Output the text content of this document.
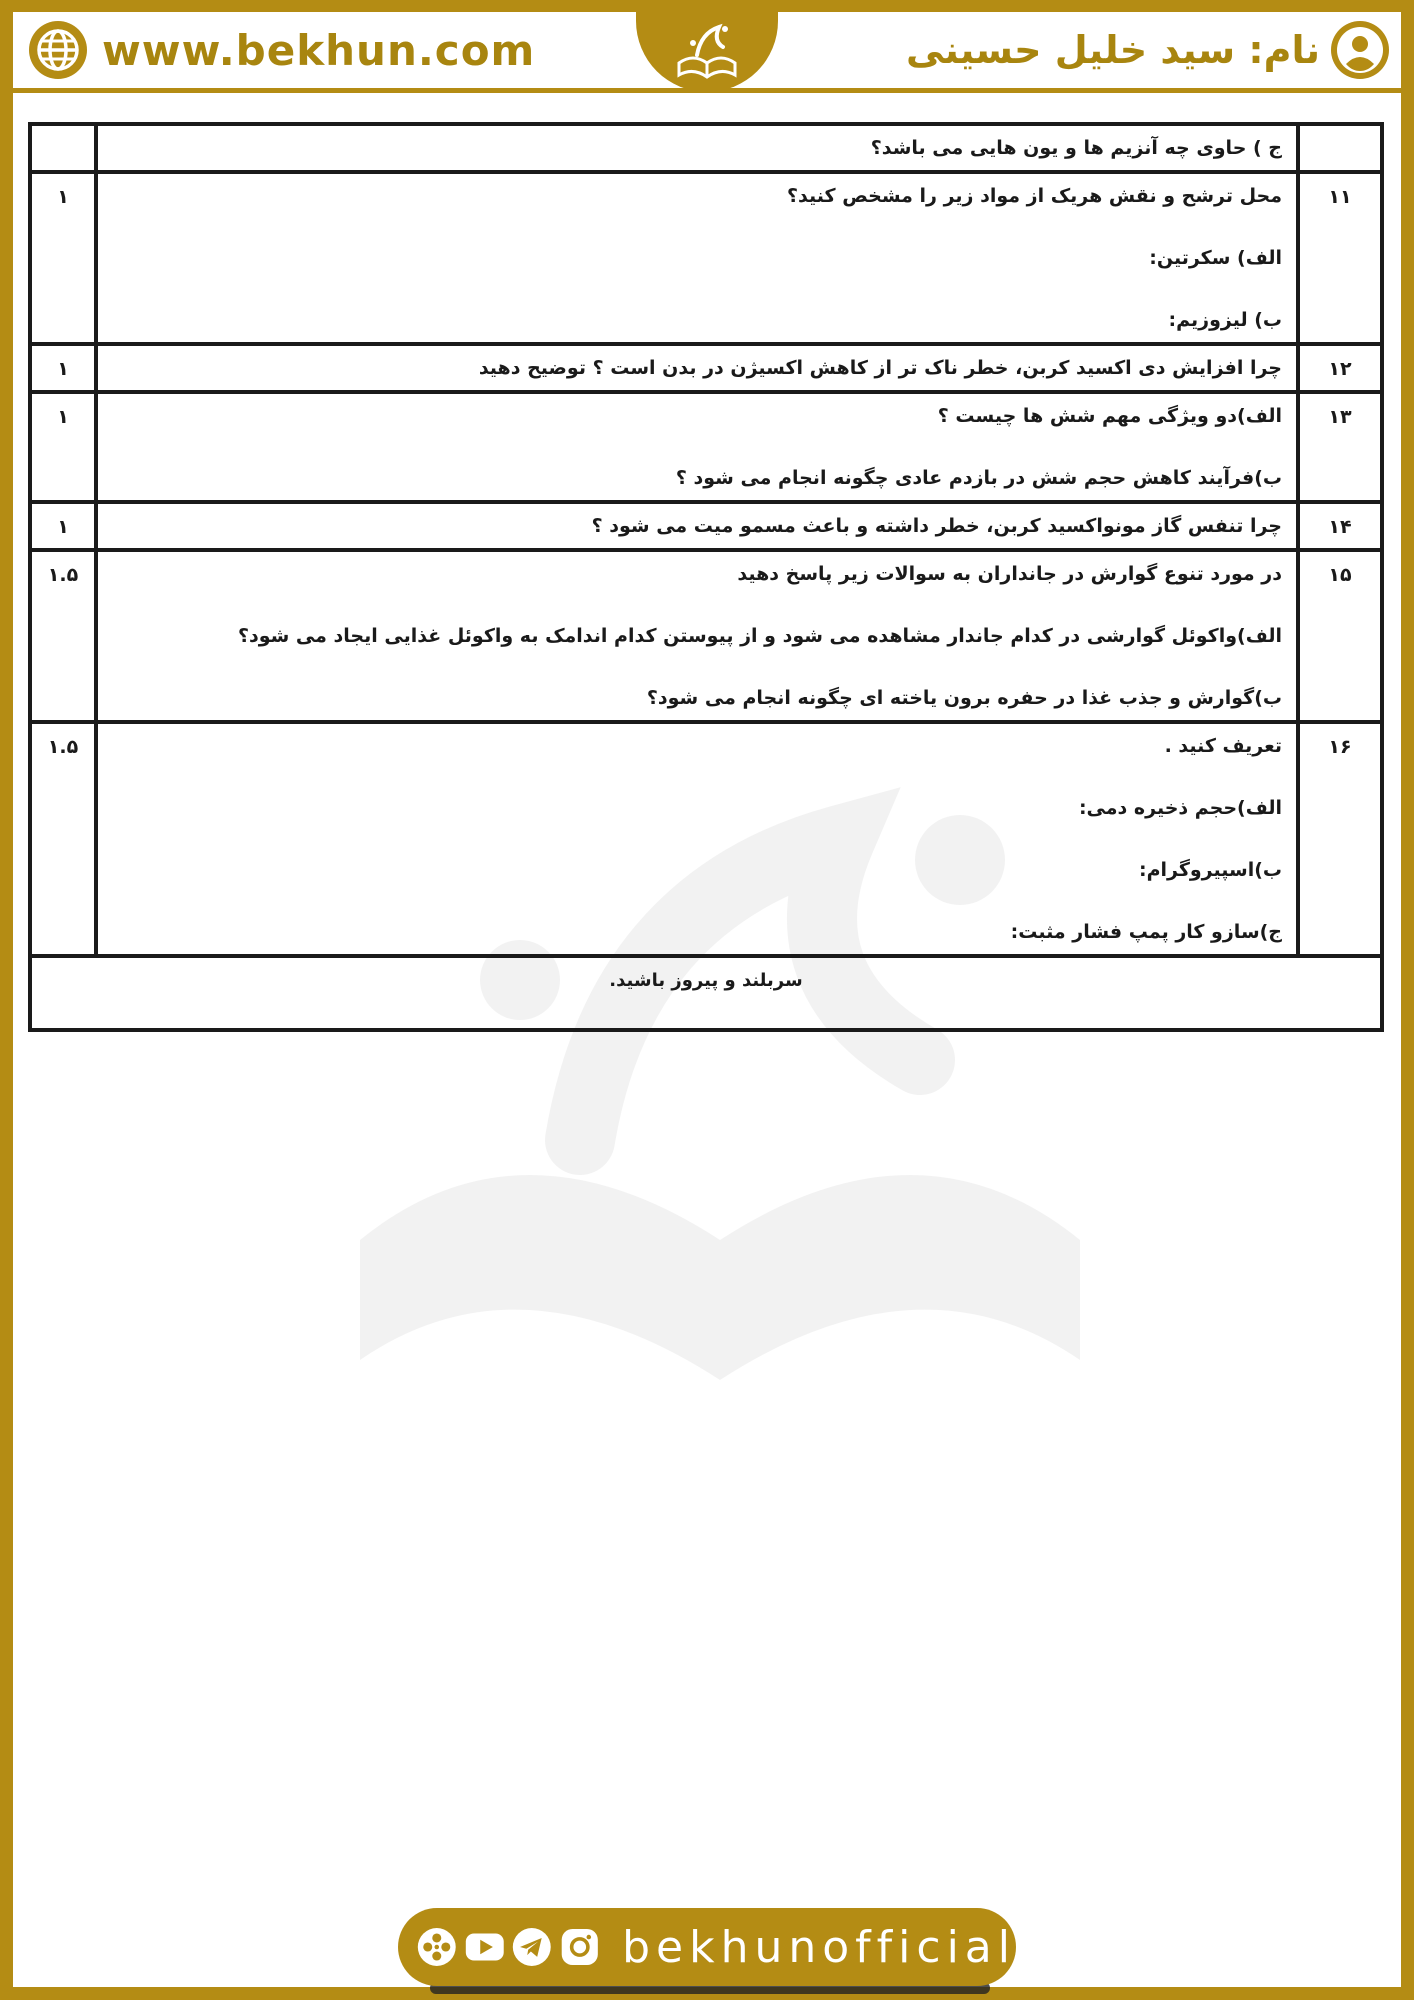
www.bekhun.com	نام: سید خلیل حسینی

	ج ) حاوی چه آنزیم ها و یون هایی می باشد؟	

۱۱	محل ترشح و نقش هریک از مواد زیر را مشخص کنید؟
الف) سکرتین:
ب) لیزوزیم:	۱
۱۲	چرا افزایش دی اکسید کربن، خطر ناک تر از کاهش اکسیژن در بدن است ؟ توضیح دهید	۱
۱۳	الف)دو ویژگی مهم شش ها چیست ؟
ب)فرآیند کاهش حجم شش در بازدم عادی چگونه انجام می شود ؟	۱
۱۴	چرا تنفس گاز مونواکسید کربن، خطر داشته و باعث مسمو میت می شود ؟	۱
۱۵	در مورد تنوع گوارش در جانداران به سوالات زیر پاسخ دهید
الف)واکوئل گوارشی در کدام جاندار مشاهده می شود و از پیوستن کدام اندامک به واکوئل غذایی ایجاد می شود؟
ب)گوارش و جذب غذا در حفره برون یاخته ای چگونه انجام می شود؟	۱.۵
۱۶	تعریف کنید .
الف)حجم ذخیره دمی:
ب)اسپیروگرام:
ج)سازو کار پمپ فشار مثبت:	۱.۵
سربلند و پیروز باشید.		
bekhunofficial
